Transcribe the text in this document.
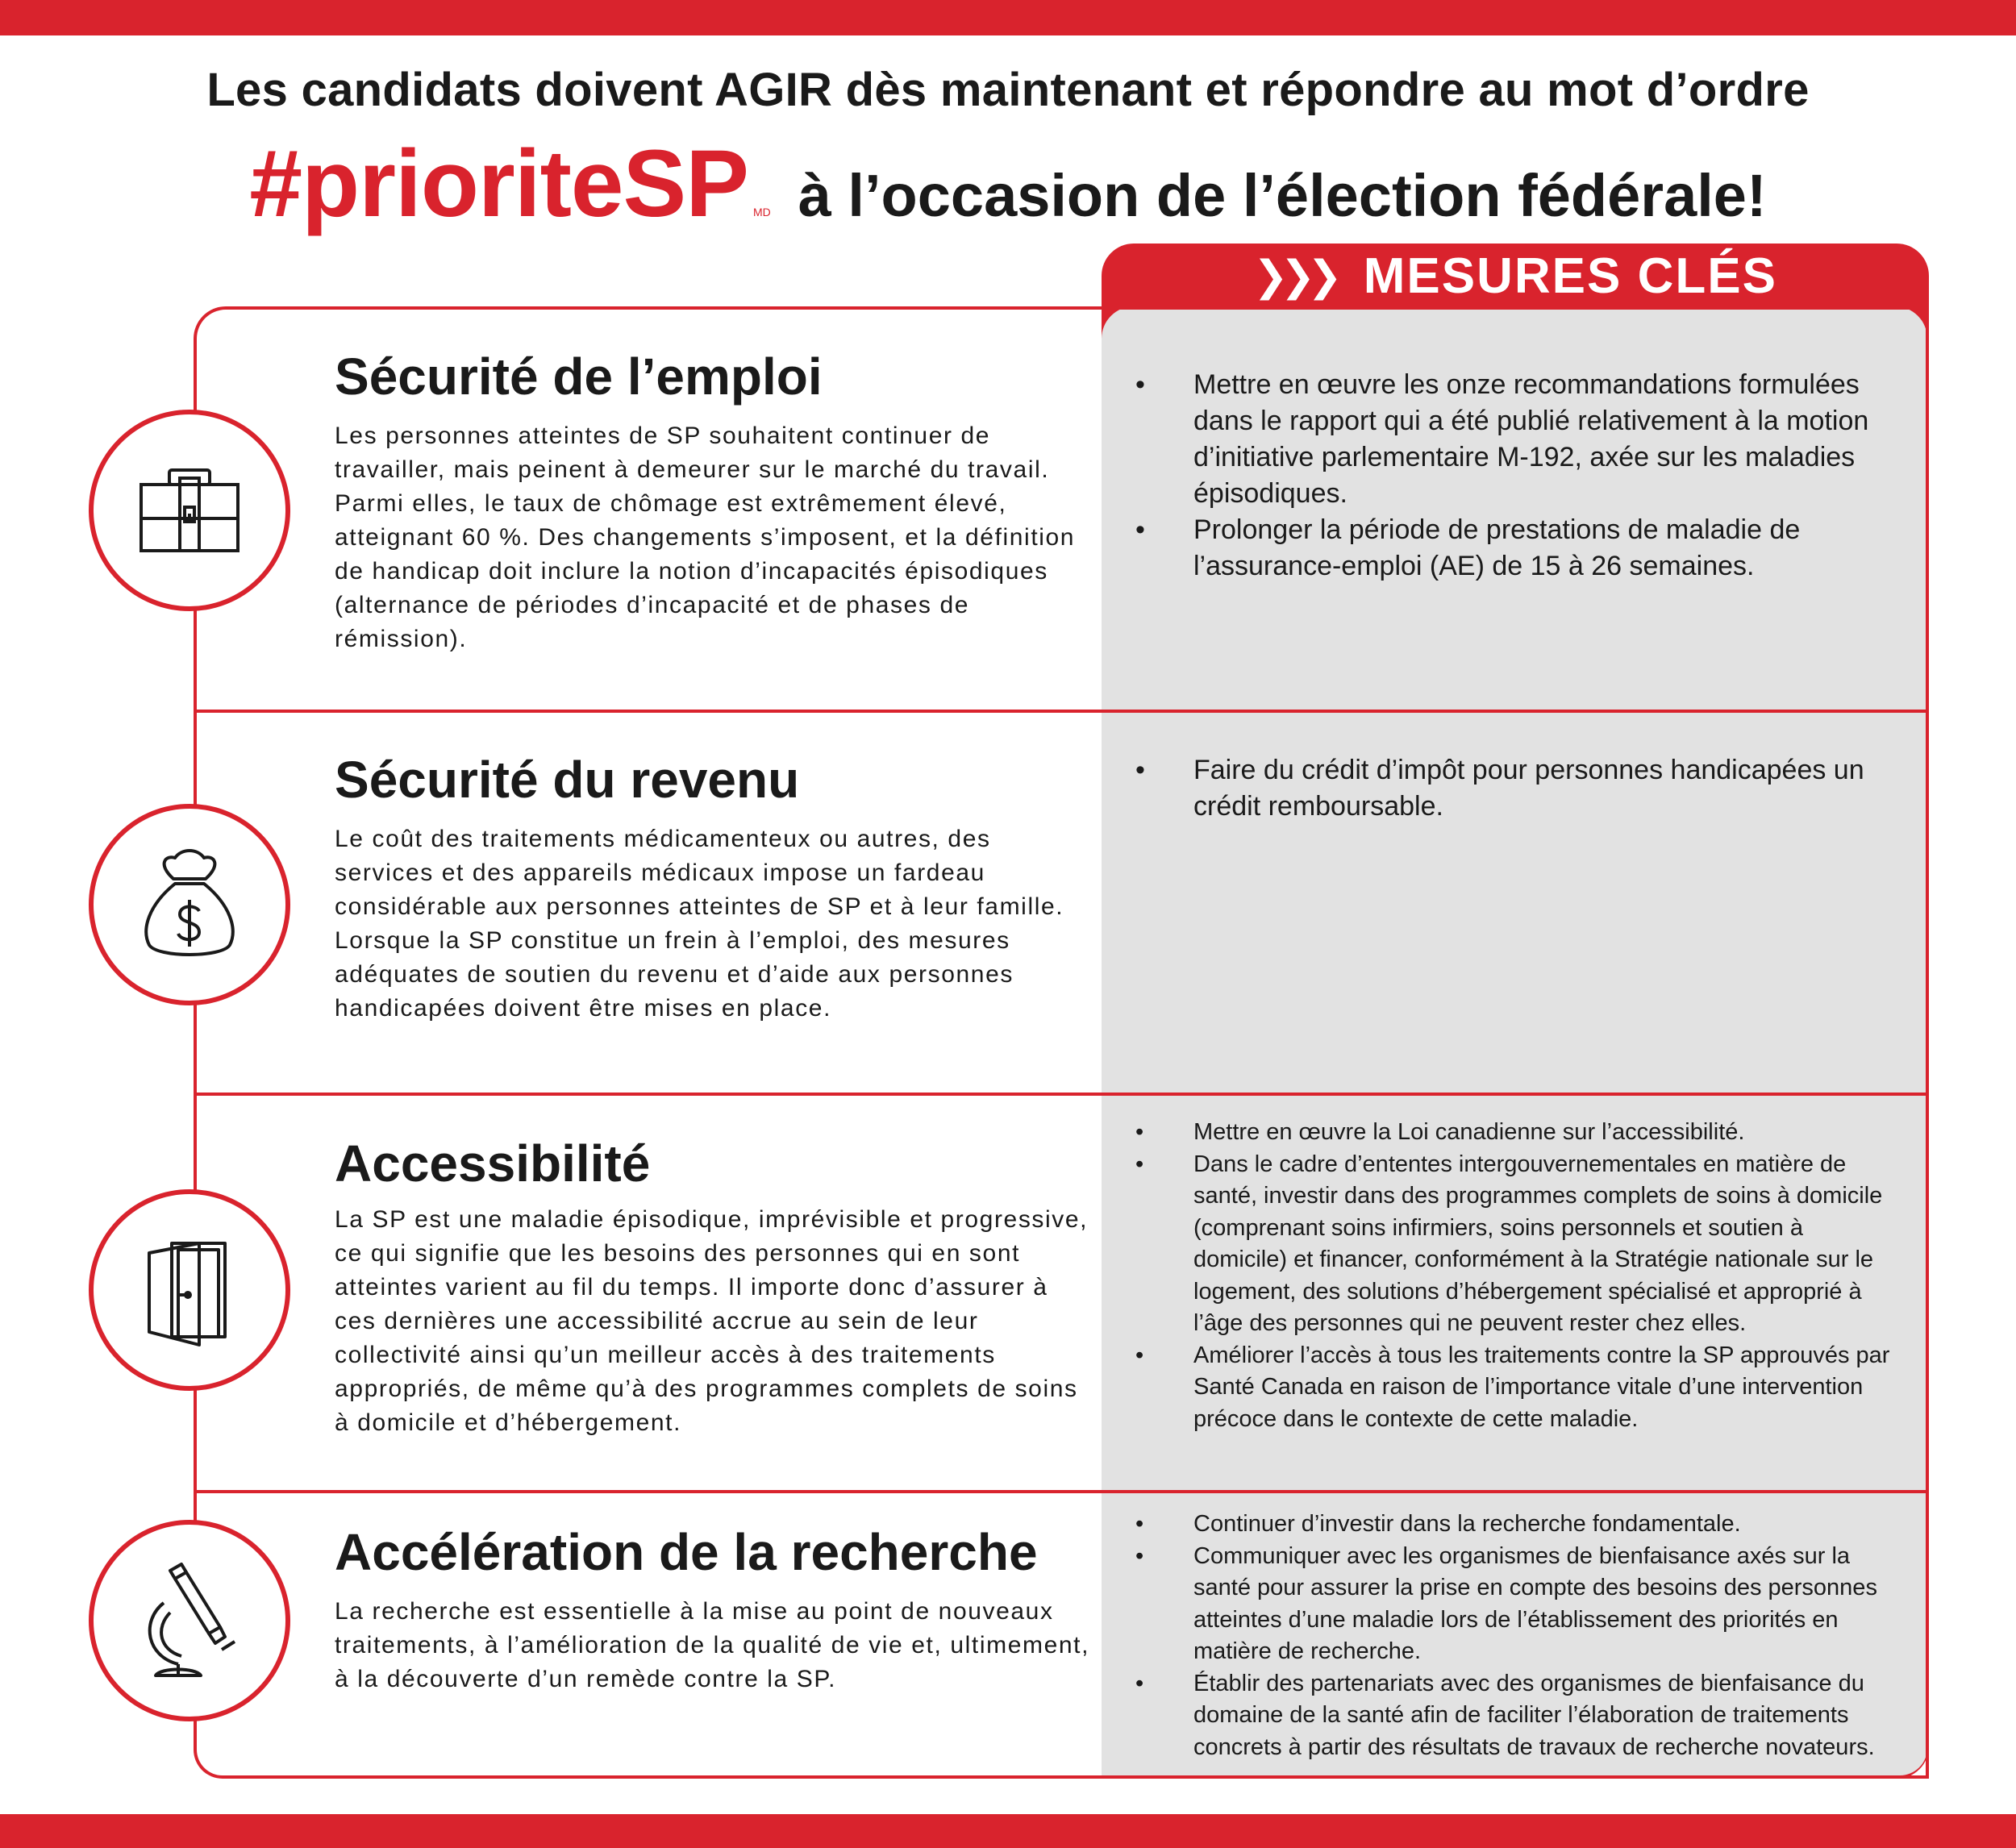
Les candidats doivent AGIR dès maintenant et répondre au mot d’ordre
#prioriteSP MD à l’occasion de l’élection fédérale!
❯❯❯ MESURES CLÉS
Sécurité de l’emploi
Les personnes atteintes de SP souhaitent continuer de travailler, mais peinent à demeurer sur le marché du travail. Parmi elles, le taux de chômage est extrêmement élevé, atteignant 60 %. Des changements s’imposent, et la définition de handicap doit inclure la notion d’incapacités épisodiques (alternance de périodes d’incapacité et de phases de rémission).
• Mettre en œuvre les onze recommandations formulées dans le rapport qui a été publié relativement à la motion d’initiative parlementaire M-192, axée sur les maladies épisodiques.
• Prolonger la période de prestations de maladie de l’assurance-emploi (AE) de 15 à 26 semaines.
Sécurité du revenu
Le coût des traitements médicamenteux ou autres, des services et des appareils médicaux impose un fardeau considérable aux personnes atteintes de SP et à leur famille. Lorsque la SP constitue un frein à l’emploi, des mesures adéquates de soutien du revenu et d’aide aux personnes handicapées doivent être mises en place.
• Faire du crédit d’impôt pour personnes handicapées un crédit remboursable.
Accessibilité
La SP est une maladie épisodique, imprévisible et progressive, ce qui signifie que les besoins des personnes qui en sont atteintes varient au fil du temps. Il importe donc d’assurer à ces dernières une accessibilité accrue au sein de leur collectivité ainsi qu’un meilleur accès à des traitements appropriés, de même qu’à des programmes complets de soins à domicile et d’hébergement.
• Mettre en œuvre la Loi canadienne sur l’accessibilité.
• Dans le cadre d’ententes intergouvernementales en matière de santé, investir dans des programmes complets de soins à domicile (comprenant soins infirmiers, soins personnels et soutien à domicile) et financer, conformément à la Stratégie nationale sur le logement, des solutions d’hébergement spécialisé et approprié à l’âge des personnes qui ne peuvent rester chez elles.
• Améliorer l’accès à tous les traitements contre la SP approuvés par Santé Canada en raison de l’importance vitale d’une intervention précoce dans le contexte de cette maladie.
Accélération de la recherche
La recherche est essentielle à la mise au point de nouveaux traitements, à l’amélioration de la qualité de vie et, ultimement, à la découverte d’un remède contre la SP.
• Continuer d’investir dans la recherche fondamentale.
• Communiquer avec les organismes de bienfaisance axés sur la santé pour assurer la prise en compte des besoins des personnes atteintes d’une maladie lors de l’établissement des priorités en matière de recherche.
• Établir des partenariats avec des organismes de bienfaisance du domaine de la santé afin de faciliter l’élaboration de traitements concrets à partir des résultats de travaux de recherche novateurs.
